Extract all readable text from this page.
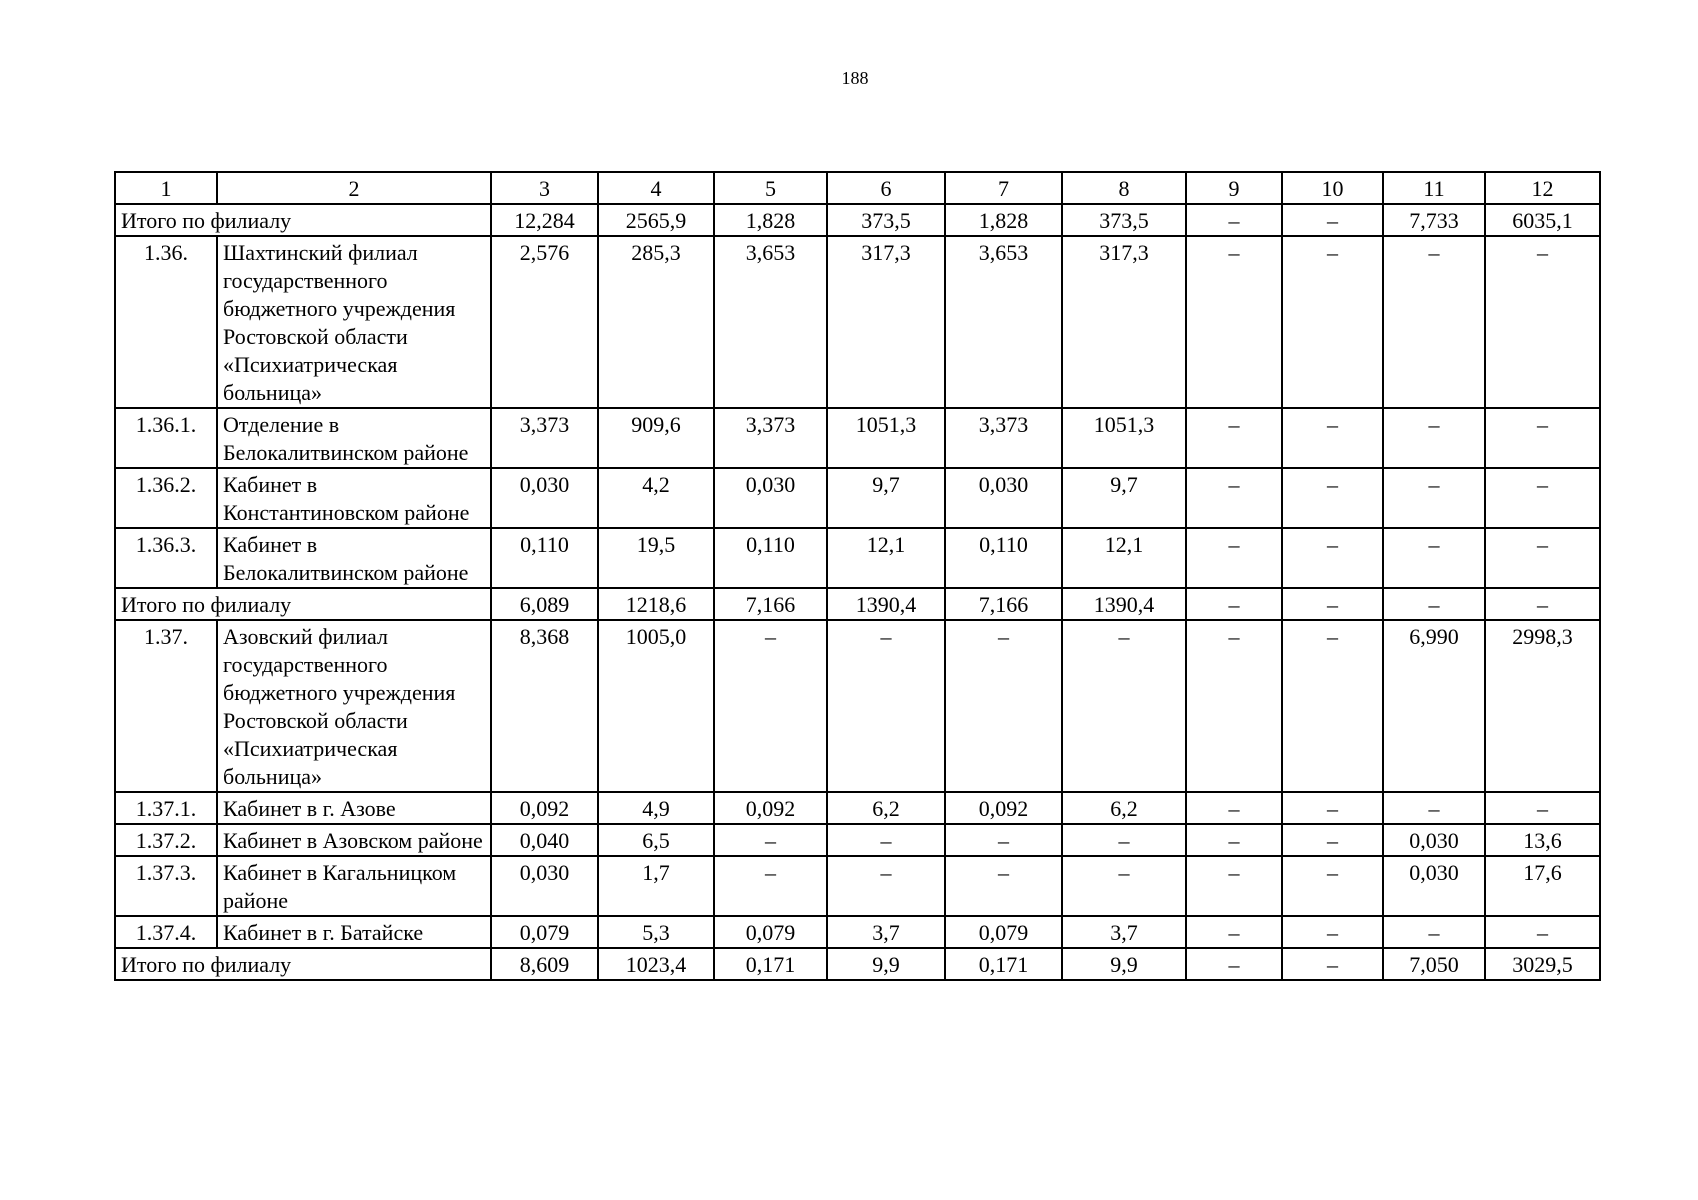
188
1	2	3	4	5	6	7	8	9	10	11	12
Итого по филиалу		12,284	2565,9	1,828	373,5	1,828	373,5	–	–	7,733	6035,1
1.36.	Шахтинский филиал государственного бюджетного учреждения Ростовской области «Психиатрическая больница»	2,576	285,3	3,653	317,3	3,653	317,3	–	–	–	–
1.36.1.	Отделение в Белокалитвинском районе	3,373	909,6	3,373	1051,3	3,373	1051,3	–	–	–	–
1.36.2.	Кабинет в Константиновском районе	0,030	4,2	0,030	9,7	0,030	9,7	–	–	–	–
1.36.3.	Кабинет в Белокалитвинском районе	0,110	19,5	0,110	12,1	0,110	12,1	–	–	–	–
Итого по филиалу		6,089	1218,6	7,166	1390,4	7,166	1390,4	–	–	–	–
1.37.	Азовский филиал государственного бюджетного учреждения Ростовской области «Психиатрическая больница»	8,368	1005,0	–	–	–	–	–	–	6,990	2998,3
1.37.1.	Кабинет в г. Азове	0,092	4,9	0,092	6,2	0,092	6,2	–	–	–	–
1.37.2.	Кабинет в Азовском районе	0,040	6,5	–	–	–	–	–	–	0,030	13,6
1.37.3.	Кабинет в Кагальницком районе	0,030	1,7	–	–	–	–	–	–	0,030	17,6
1.37.4.	Кабинет в г. Батайске	0,079	5,3	0,079	3,7	0,079	3,7	–	–	–	–
Итого по филиалу		8,609	1023,4	0,171	9,9	0,171	9,9	–	–	7,050	3029,5
